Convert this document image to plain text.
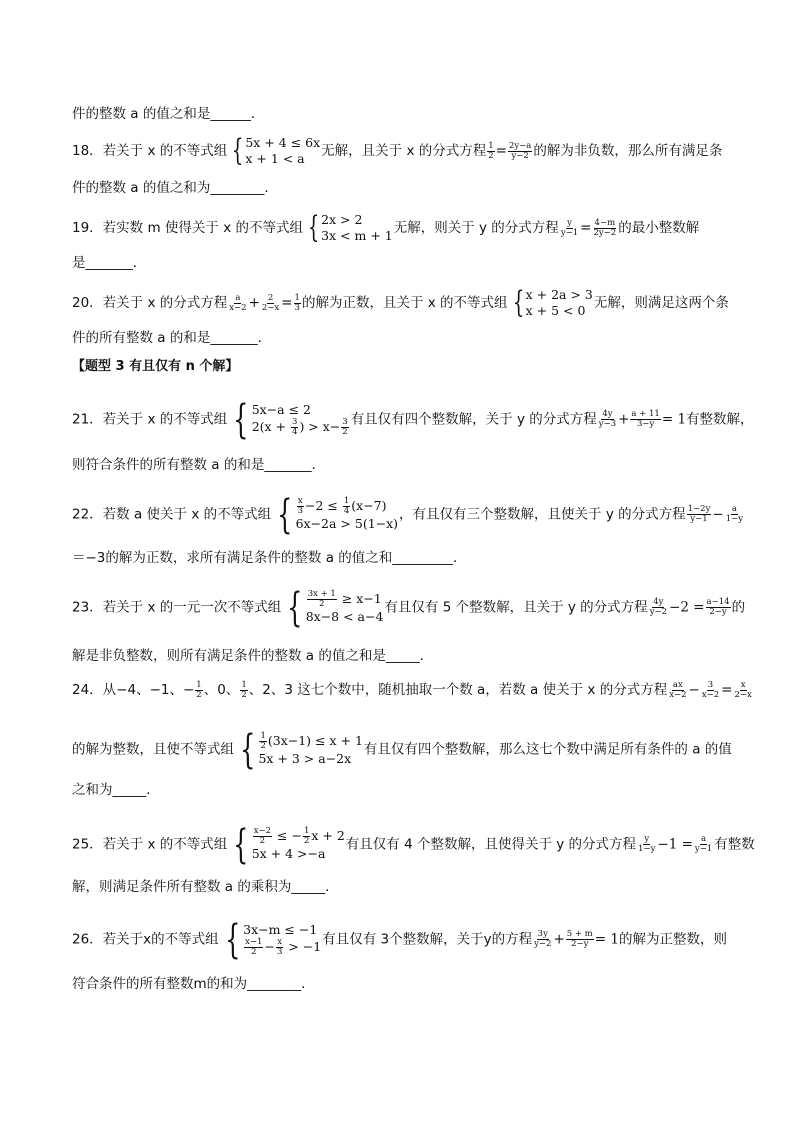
件的整数 a 的值之和是______．
18．若关于 x 的不等式组 { 5x + 4 ≤ 6x
x + 1 < a	无解，且关于 x 的分式方程 $\frac{1}{2} = \frac{2y-a}{y-2}$ 的解为非负数，那么所有满足条
件的整数 a 的值之和为________．
19．若实数 m 使得关于 x 的不等式组 { 2x > 2
3x < m + 1 无解，则关于 y 的分式方程 $\frac{y}{y-1} = \frac{4-m}{2y-2}$ 的最小整数解
是_______．
20．若关于 x 的分式方程 $\frac{a}{x-2} + \frac{2}{2-x} = \frac{1}{3}$ 的解为正数，且关于 x 的不等式组 { x + 2a > 3
x + 5 < 0 无解，则满足这两个条
件的所有整数 a 的和是_______．
【题型 3 有且仅有 n 个解】
21．若关于 x 的不等式组 { 5x−a ≤ 2
$2(x + \frac{3}{4}$ ) > $x- \frac{3}{2}$ 有且仅有四个整数解，关于 y 的分式方程 $\frac{4y}{y-3} + \frac{a + 11}{3-y} = 1$有整数解，
则符合条件的所有整数 a 的和是_______．
22．若数 a 使关于 x 的不等式组 { $\frac{x}{3} -2 \le \frac{1}{4} (x-7)$
6x−2a > 5(1−x)
，有且仅有三个整数解，且使关于 y 的分式方程 $\frac{1-2y}{y-1} - \frac{a}{1-y}$
＝−3的解为正数，求所有满足条件的整数 a 的值之和_________．
23．若关于 x 的一元一次不等式组 { $\frac{3x + 1}{2} \ge x-1$
8x−8 < a−4
有且仅有 5 个整数解，且关于 y 的分式方程 $\frac{4y}{y-2} -2 = \frac{a-14}{2-y}$ 的
解是非负整数，则所有满足条件的整数 a 的值之和是_____．
24．从−4、−1、− $\frac{1}{2}$ 、0、 $\frac{1}{2}$ 、2、3 这七个数中，随机抽取一个数 a，若数 a 使关于 x 的分式方程 $\frac{ax}{x-2} - \frac{3}{x-2} = \frac{x}{2-x}$
的解为整数，且使不等式组 { $\frac{1}{2} (3x-1) \le x + 1$
5x + 3 > a−2x
有且仅有四个整数解，那么这七个数中满足所有条件的 a 的值
之和为_____．
25．若关于 x 的不等式组 { $\frac{x-2}{2}$ ≤ − $\frac{1}{2}$ x + 2
5x + 4 >−a
有且仅有 4 个整数解，且使得关于 y 的分式方程 $\frac{y}{1-y} -1 = \frac{a}{y-1}$ 有整数
解，则满足条件所有整数 a 的乘积为_____．
26．若关于x的不等式组 { 3x−m ≤ −1
$\frac{x-1}{2} - \frac{x}{3} > -1$ 有且仅有 3个整数解，关于y的方程 $\frac{3y}{y-2} + \frac{5 + m}{2-y} = 1$的解为正整数，则
符合条件的所有整数m的和为________．
